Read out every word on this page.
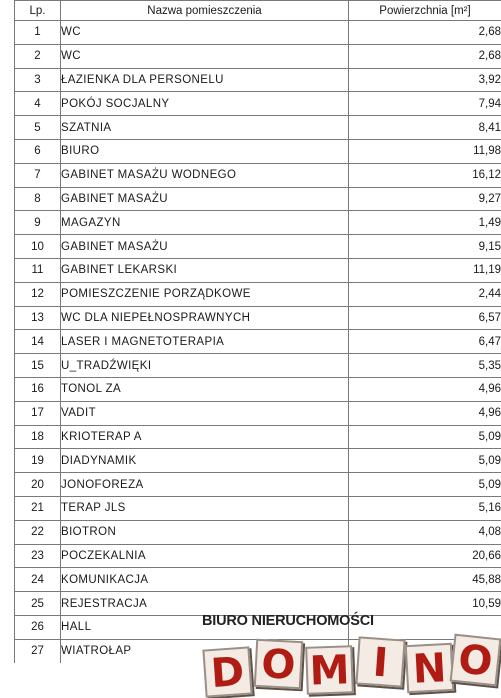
Lp.	Nazwa pomieszczenia	Powierzchnia [m²]
1	WC	2,68
2	WC	2,68
3	ŁAZIENKA DLA PERSONELU	3,92
4	POKÓJ SOCJALNY	7,94
5	SZATNIA	8,41
6	BIURO	11,98
7	GABINET MASAŻU WODNEGO	16,12
8	GABINET MASAŻU	9,27
9	MAGAZYN	1,49
10	GABINET MASAŻU	9,15
11	GABINET LEKARSKI	11,19
12	POMIESZCZENIE PORZĄDKOWE	2,44
13	WC DLA NIEPEŁNOSPRAWNYCH	6,57
14	LASER I MAGNETOTERAPIA	6,47
15	U_TRADŹWIĘKI	5,35
16	TONOL ZA	4,96
17	VADIT	4,96
18	KRIOTERAP A	5,09
19	DIADYNAMIK	5,09
20	JONOFOREZA	5,09
21	TERAP JLS	5,16
22	BIOTRON	4,08
23	POCZEKALNIA	20,66
24	KOMUNIKACJA	45,88
25	REJESTRACJA	10,59
26	HALL	
27	WIATROŁAP	
BIURO NIERUCHOMOŚCI
D O M I N O
